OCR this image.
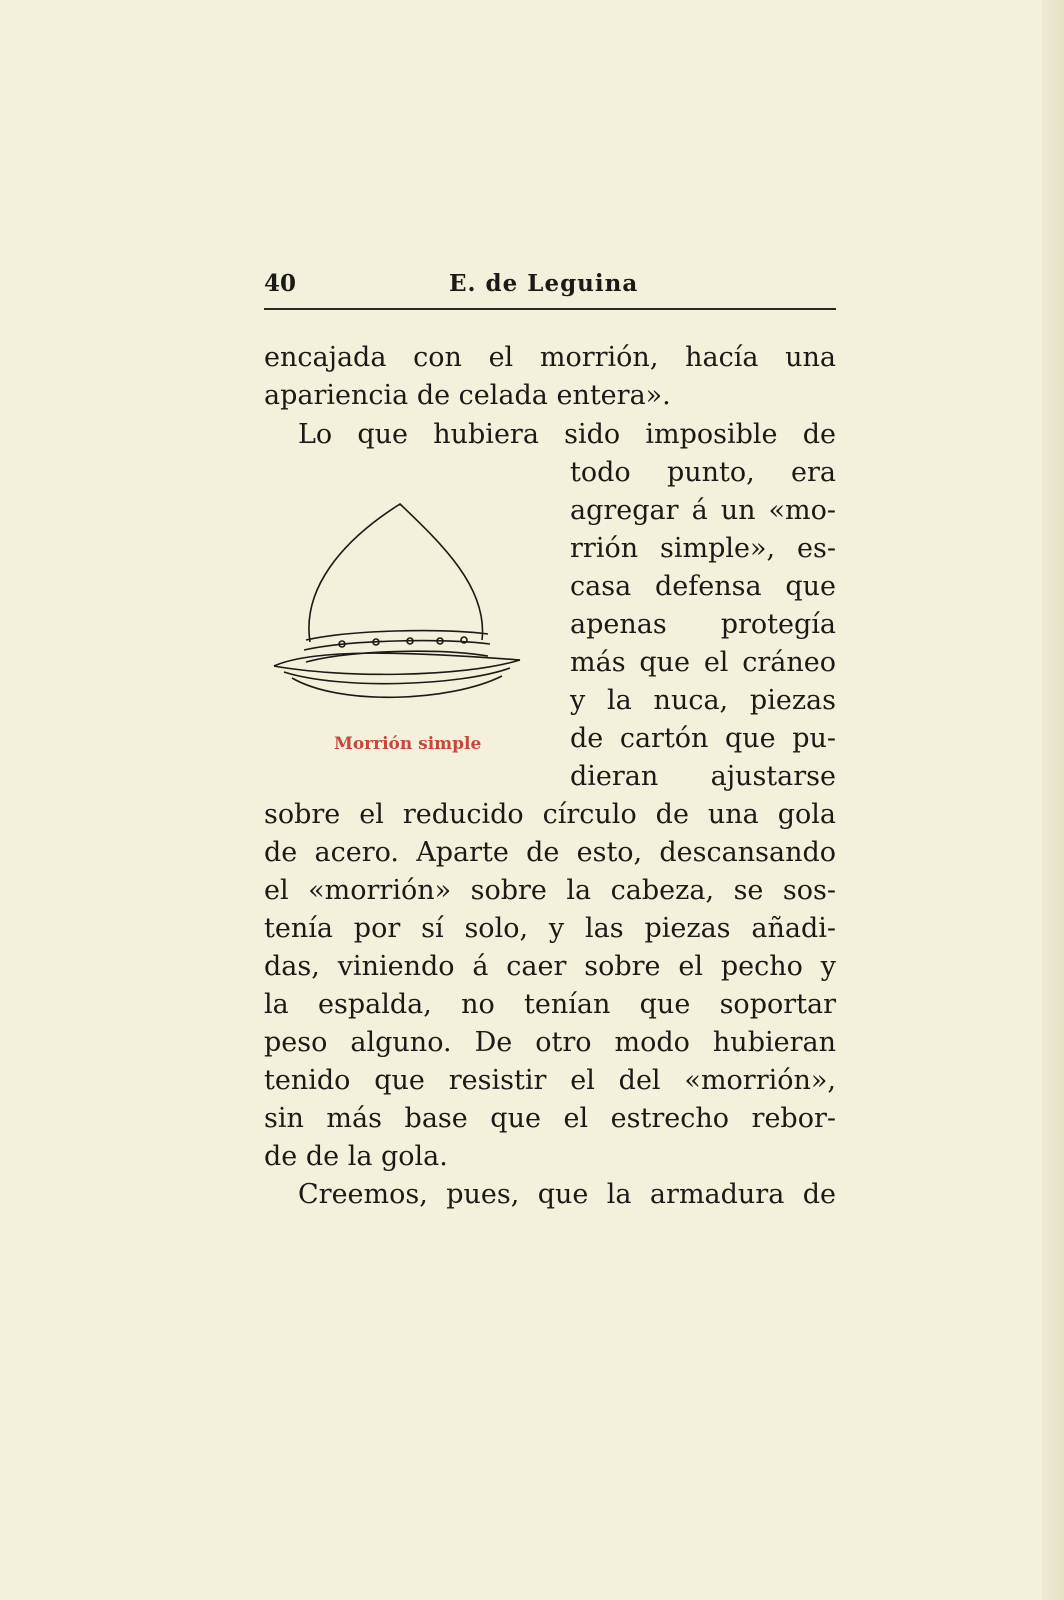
40	E. de Leguina
encajada con el morrión, hacía una
apariencia de celada entera».
Lo que hubiera sido imposible de
todo punto, era
agregar á un «mo-
rrión simple», es-
casa defensa que
apenas protegía
más que el cráneo
y la nuca, piezas
de cartón que pu-
dieran ajustarse
sobre el reducido círculo de una gola
de acero. Aparte de esto, descansando
el «morrión» sobre la cabeza, se sos-
tenía por sí solo, y las piezas añadi-
das, viniendo á caer sobre el pecho y
la espalda, no tenían que soportar
peso alguno. De otro modo hubieran
tenido que resistir el del «morrión»,
sin más base que el estrecho rebor-
de de la gola.
Creemos, pues, que la armadura de
Morrión simple
